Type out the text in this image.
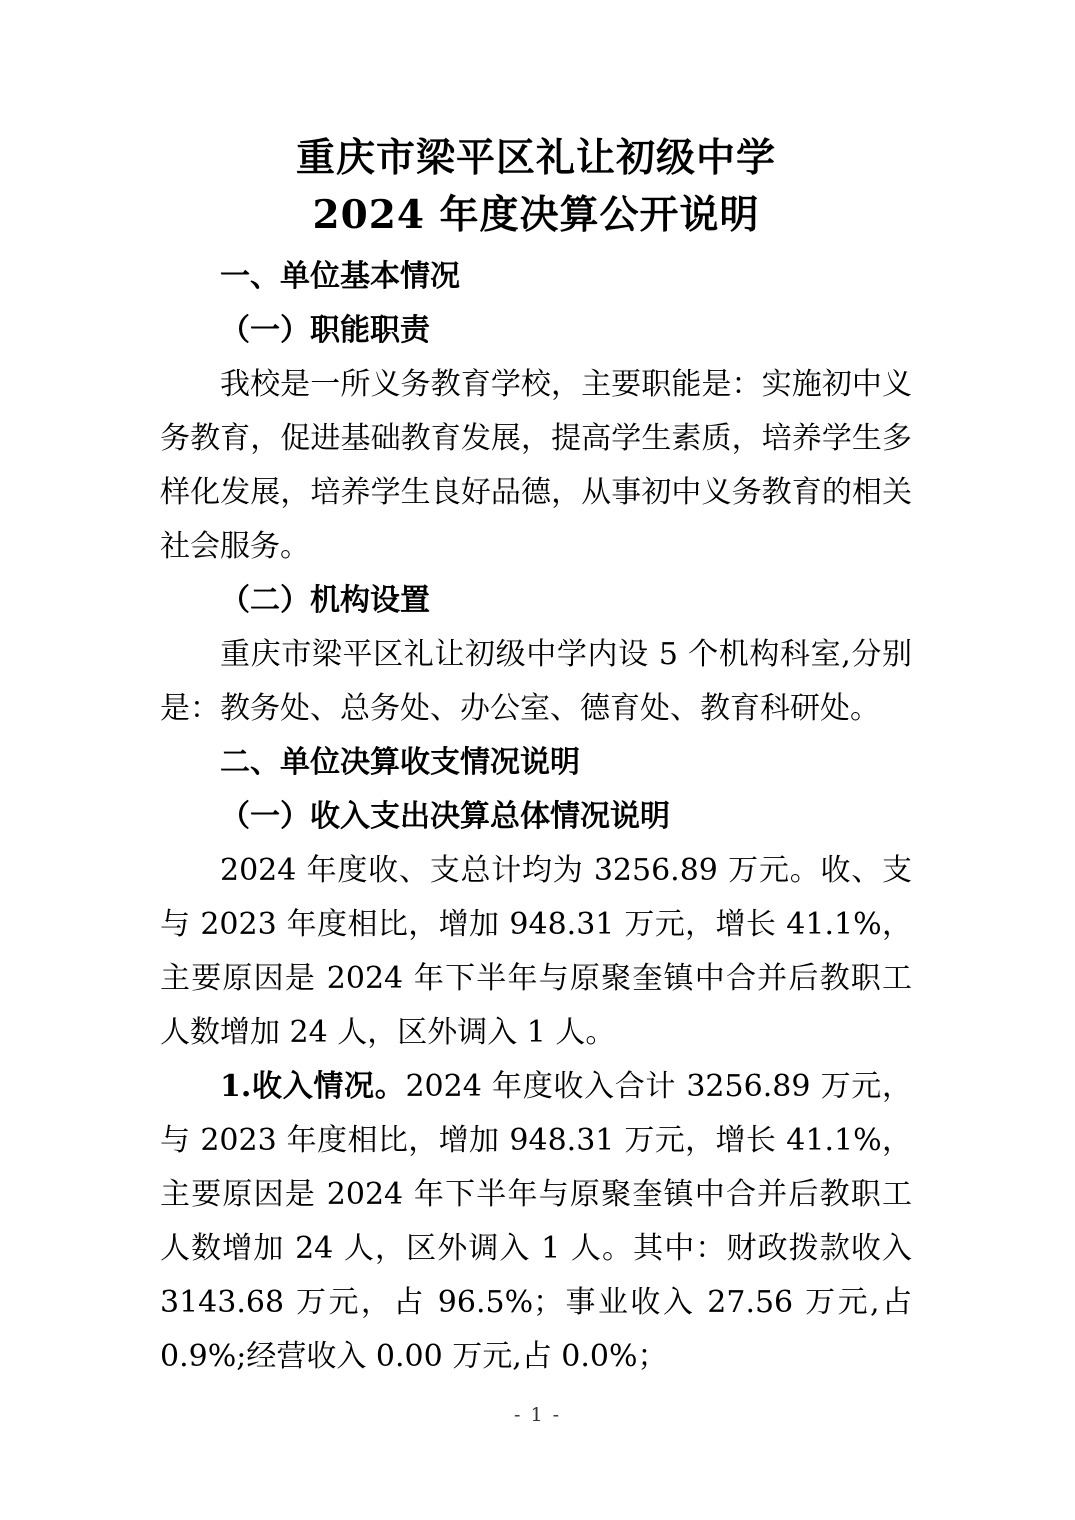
重庆市梁平区礼让初级中学
2024 年度决算公开说明
一、单位基本情况
（一）职能职责

我校是一所义务教育学校，主要职能是：实施初中义务教育，促进基础教育发展，提高学生素质，培养学生多样化发展，培养学生良好品德，从事初中义务教育的相关社会服务。

（二）机构设置

重庆市梁平区礼让初级中学内设 5 个机构科室,分别是：教务处、总务处、办公室、德育处、教育科研处。

二、单位决算收支情况说明
（一）收入支出决算总体情况说明

2024 年度收、支总计均为 3256.89 万元。收、支与 2023 年度相比，增加 948.31 万元，增长 41.1%，主要原因是 2024 年下半年与原聚奎镇中合并后教职工人数增加 24 人，区外调入 1 人。

1.收入情况。2024 年度收入合计 3256.89 万元，与 2023 年度相比，增加 948.31 万元，增长 41.1%，主要原因是 2024 年下半年与原聚奎镇中合并后教职工人数增加 24 人，区外调入 1 人。其中：财政拨款收入 3143.68 万元，占 96.5%；事业收入 27.56 万元,占 0.9%;经营收入 0.00 万元,占 0.0%；

- 1 -
